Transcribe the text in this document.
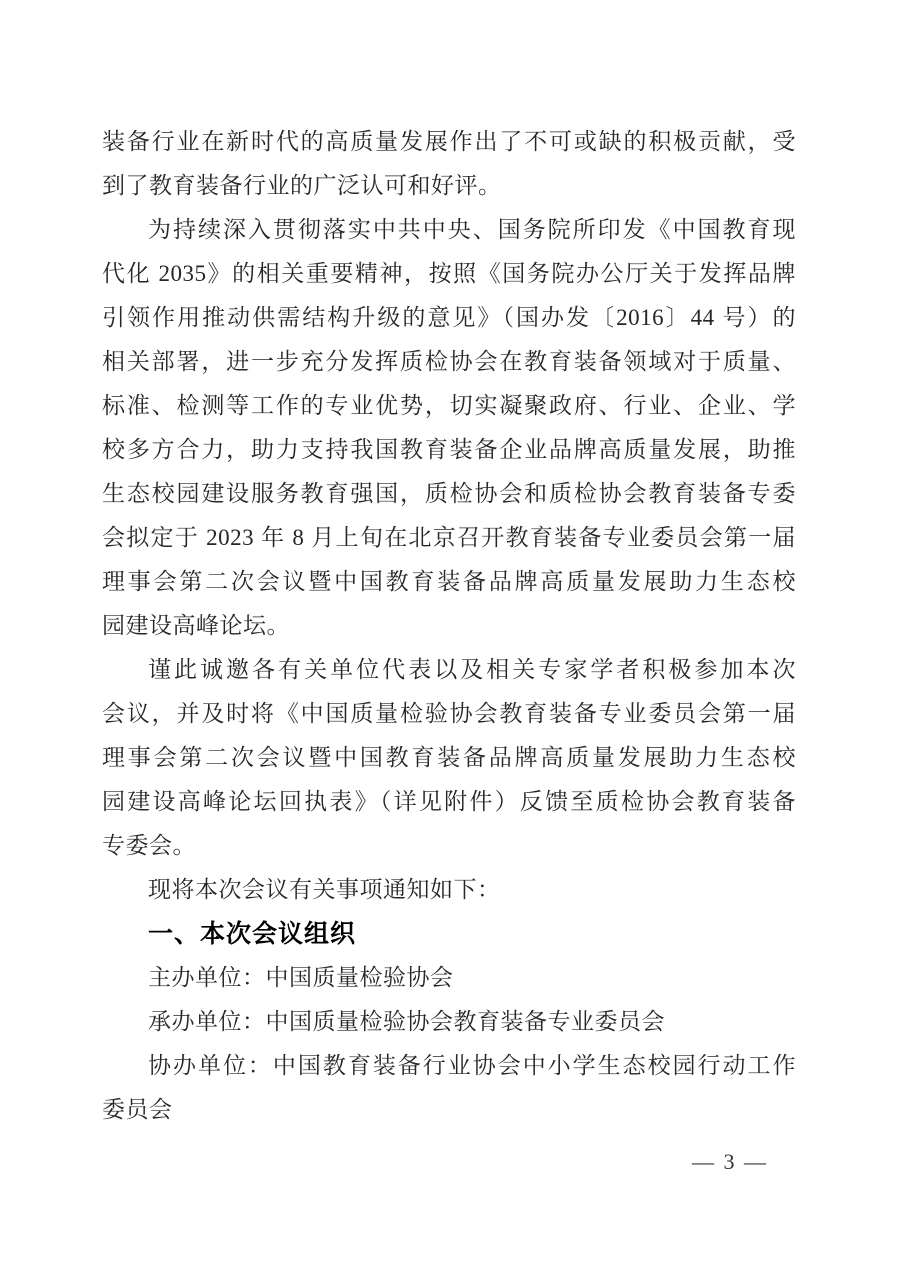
装备行业在新时代的高质量发展作出了不可或缺的积极贡献，受
到了教育装备行业的广泛认可和好评。
为持续深入贯彻落实中共中央、国务院所印发《中国教育现
代化 2035》的相关重要精神，按照《国务院办公厅关于发挥品牌
引领作用推动供需结构升级的意见》（国办发〔2016〕44 号）的
相关部署，进一步充分发挥质检协会在教育装备领域对于质量、
标准、检测等工作的专业优势，切实凝聚政府、行业、企业、学
校多方合力，助力支持我国教育装备企业品牌高质量发展，助推
生态校园建设服务教育强国，质检协会和质检协会教育装备专委
会拟定于 2023 年 8 月上旬在北京召开教育装备专业委员会第一届
理事会第二次会议暨中国教育装备品牌高质量发展助力生态校
园建设高峰论坛。
谨此诚邀各有关单位代表以及相关专家学者积极参加本次
会议，并及时将《中国质量检验协会教育装备专业委员会第一届
理事会第二次会议暨中国教育装备品牌高质量发展助力生态校
园建设高峰论坛回执表》（详见附件）反馈至质检协会教育装备
专委会。
现将本次会议有关事项通知如下：
一、本次会议组织
主办单位：中国质量检验协会
承办单位：中国质量检验协会教育装备专业委员会
协办单位：中国教育装备行业协会中小学生态校园行动工作
委员会
— 3 —
